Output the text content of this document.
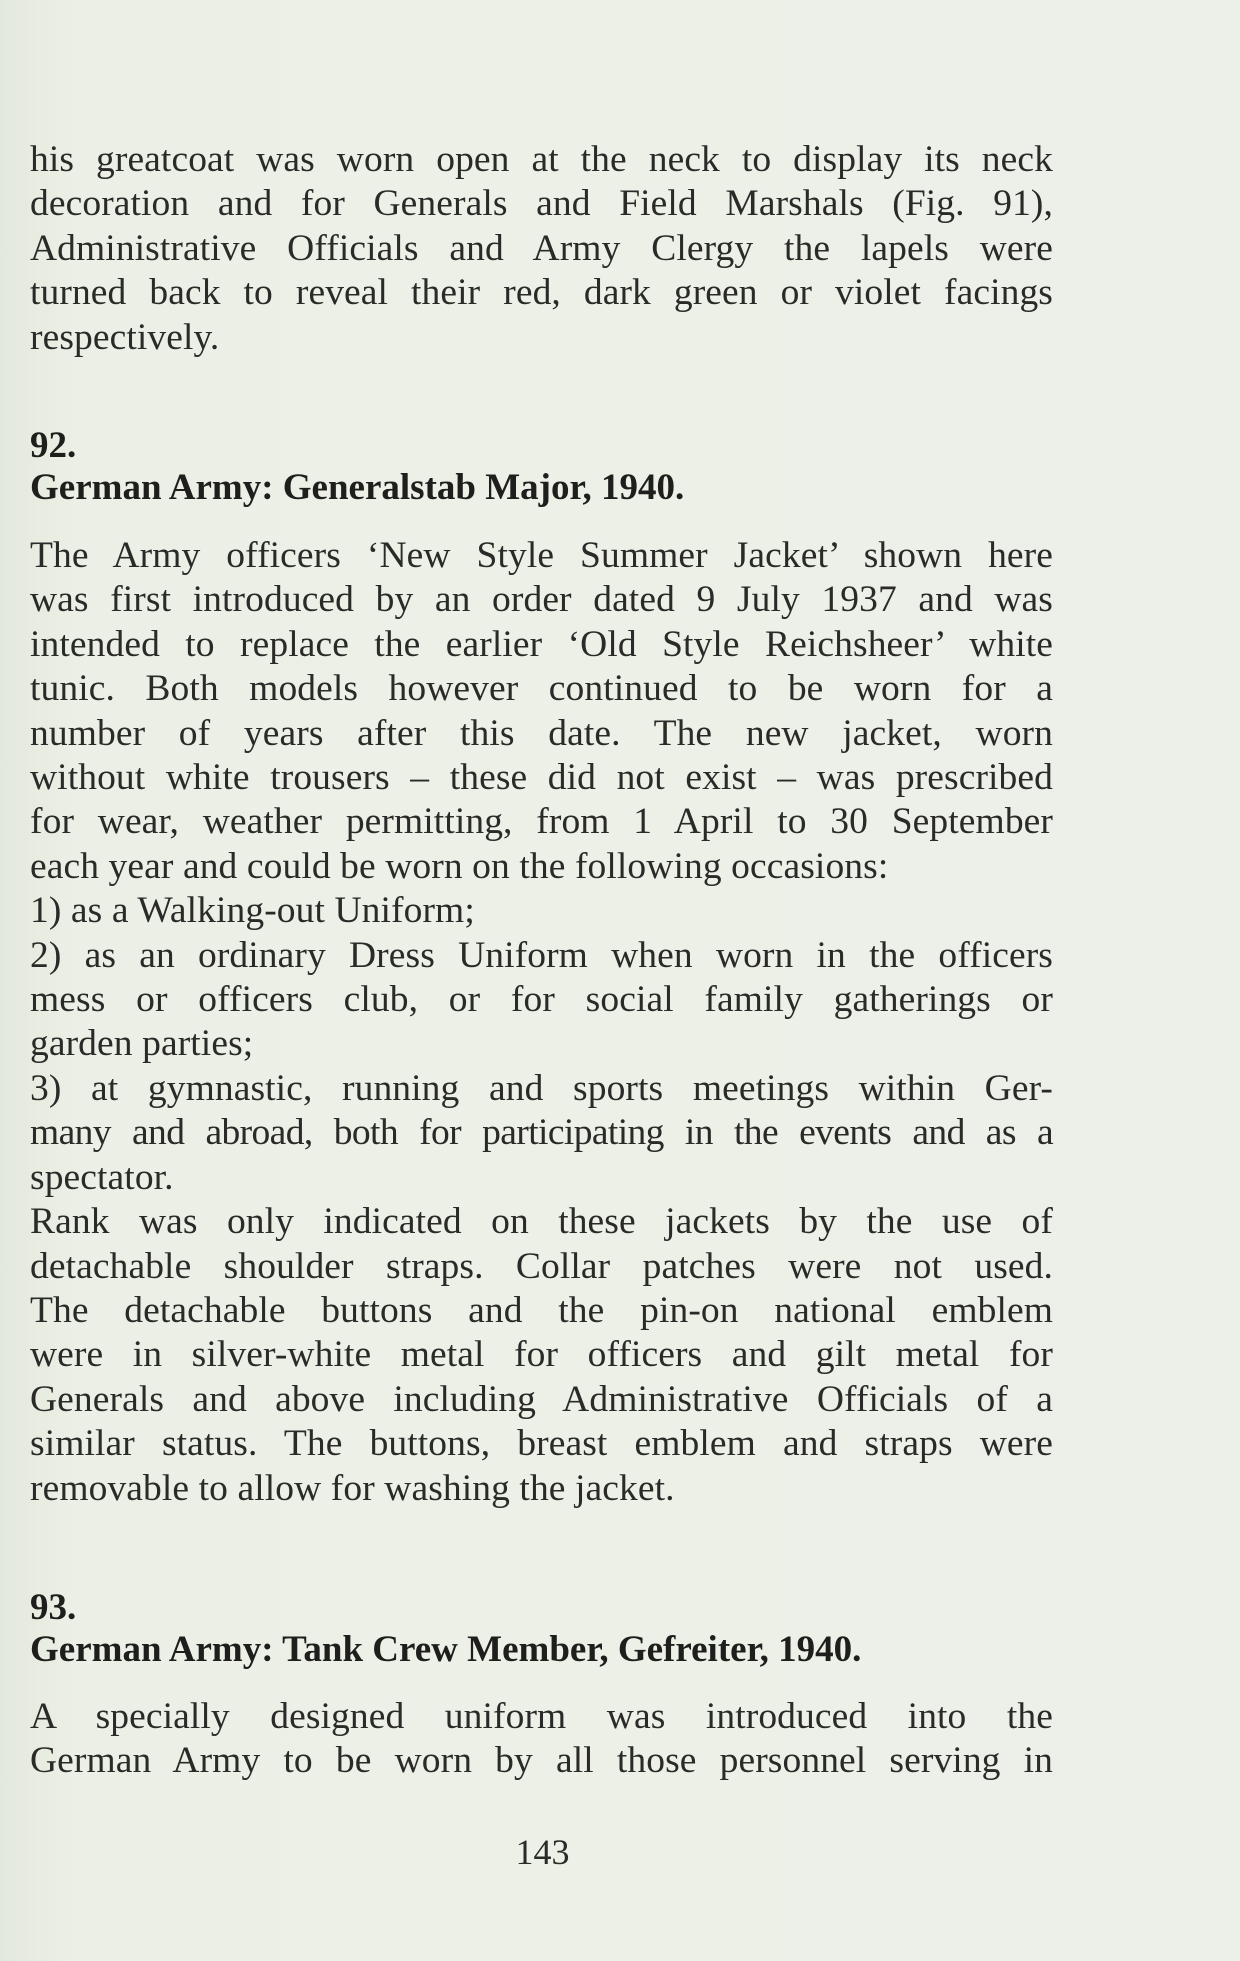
his greatcoat was worn open at the neck to display its neck
decoration and for Generals and Field Marshals (Fig. 91),
Administrative Officials and Army Clergy the lapels were
turned back to reveal their red, dark green or violet facings
respectively.
92.
German Army: Generalstab Major, 1940.
The Army officers ‘New Style Summer Jacket’ shown here
was first introduced by an order dated 9 July 1937 and was
intended to replace the earlier ‘Old Style Reichsheer’ white
tunic. Both models however continued to be worn for a
number of years after this date. The new jacket, worn
without white trousers – these did not exist – was prescribed
for wear, weather permitting, from 1 April to 30 September
each year and could be worn on the following occasions:
1) as a Walking-out Uniform;
2) as an ordinary Dress Uniform when worn in the officers
mess or officers club, or for social family gatherings or
garden parties;
3) at gymnastic, running and sports meetings within Ger-
many and abroad, both for participating in the events and as a
spectator.
Rank was only indicated on these jackets by the use of
detachable shoulder straps. Collar patches were not used.
The detachable buttons and the pin-on national emblem
were in silver-white metal for officers and gilt metal for
Generals and above including Administrative Officials of a
similar status. The buttons, breast emblem and straps were
removable to allow for washing the jacket.
93.
German Army: Tank Crew Member, Gefreiter, 1940.
A specially designed uniform was introduced into the
German Army to be worn by all those personnel serving in
143
